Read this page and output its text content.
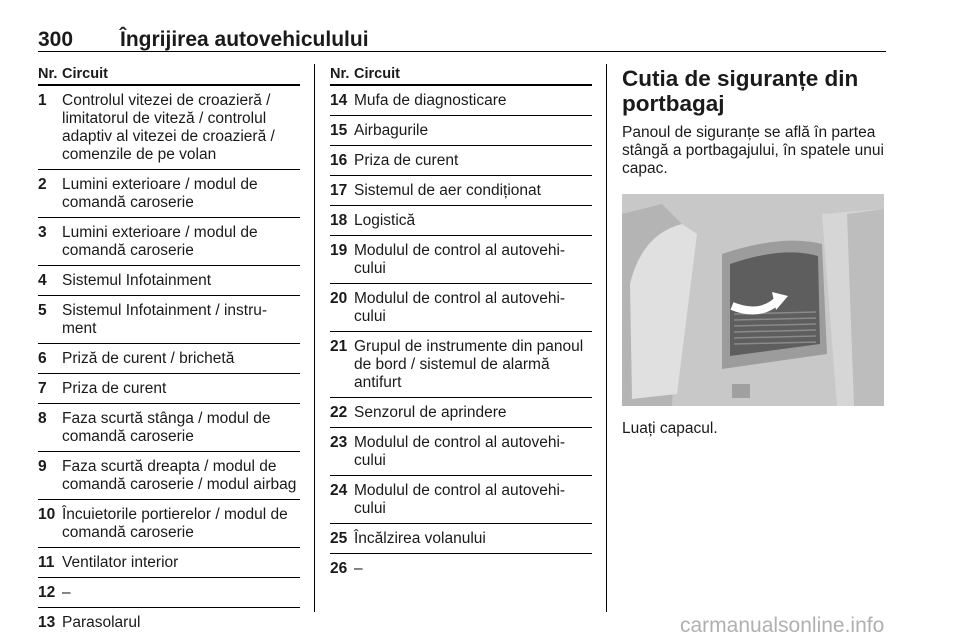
300 Îngrijirea autovehiculului
Nr. Circuit
1 Controlul vitezei de croazieră / limitatorul de viteză / controlul adaptiv al vitezei de croazieră / comenzile de pe volan
2 Lumini exterioare / modul de comandă caroserie
3 Lumini exterioare / modul de comandă caroserie
4 Sistemul Infotainment
5 Sistemul Infotainment / instru- ment
6 Priză de curent / brichetă
7 Priza de curent
8 Faza scurtă stânga / modul de comandă caroserie
9 Faza scurtă dreapta / modul de comandă caroserie / modul airbag
10 Încuietorile portierelor / modul de comandă caroserie
11 Ventilator interior
12 –
13 Parasolarul
Nr. Circuit
14 Mufa de diagnosticare
15 Airbagurile
16 Priza de curent
17 Sistemul de aer condiționat
18 Logistică
19 Modulul de control al autovehi- cului
20 Modulul de control al autovehi- cului
21 Grupul de instrumente din panoul de bord / sistemul de alarmă antifurt
22 Senzorul de aprindere
23 Modulul de control al autovehi- cului
24 Modulul de control al autovehi- cului
25 Încălzirea volanului
26 –
Cutia de siguranțe din portbagaj
Panoul de siguranțe se află în partea stângă a portbagajului, în spatele unui capac.
Luați capacul.
carmanualsonline.info
